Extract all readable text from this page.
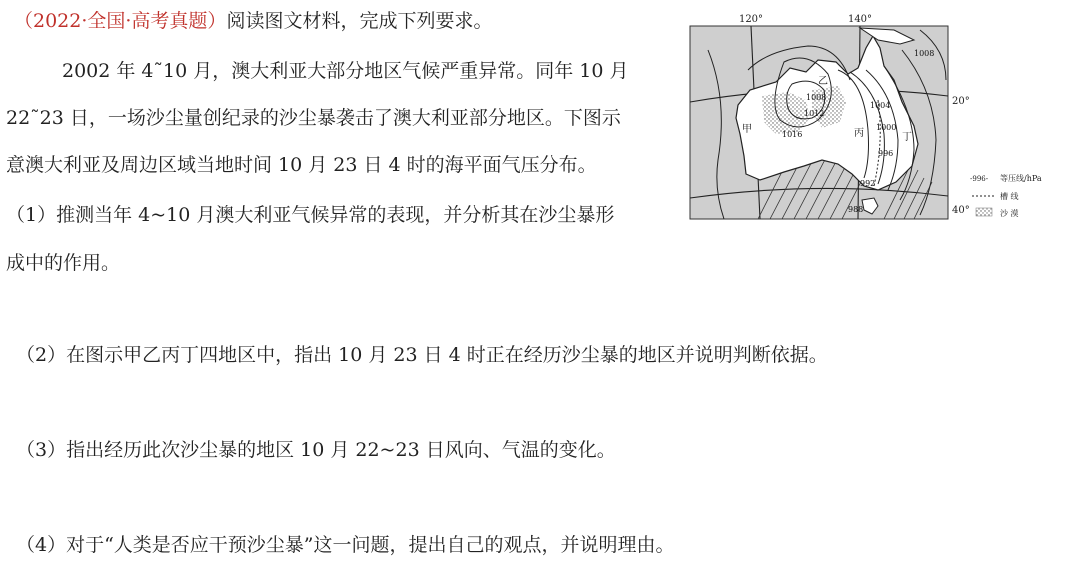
（2022·全国·高考真题）阅读图文材料，完成下列要求。
2002 年 4˜10 月，澳大利亚大部分地区气候严重异常。同年 10 月
22˜23 日，一场沙尘量创纪录的沙尘暴袭击了澳大利亚部分地区。下图示
意澳大利亚及周边区域当地时间 10 月 23 日 4 时的海平面气压分布。
（1）推测当年 4~10 月澳大利亚气候异常的表现，并分析其在沙尘暴形
成中的作用。
（2）在图示甲乙丙丁四地区中，指出 10 月 23 日 4 时正在经历沙尘暴的地区并说明判断依据。
（3）指出经历此次沙尘暴的地区 10 月 22~23 日风向、气温的变化。
（4）对于“人类是否应干预沙尘暴”这一问题，提出自己的观点，并说明理由。
120°	140°
20°
40°
1008
1008
1012
1016
1004
1000
996
992
988
甲
乙
丙	丁
-996- 等压线/hPa
槽 线
沙 漠
